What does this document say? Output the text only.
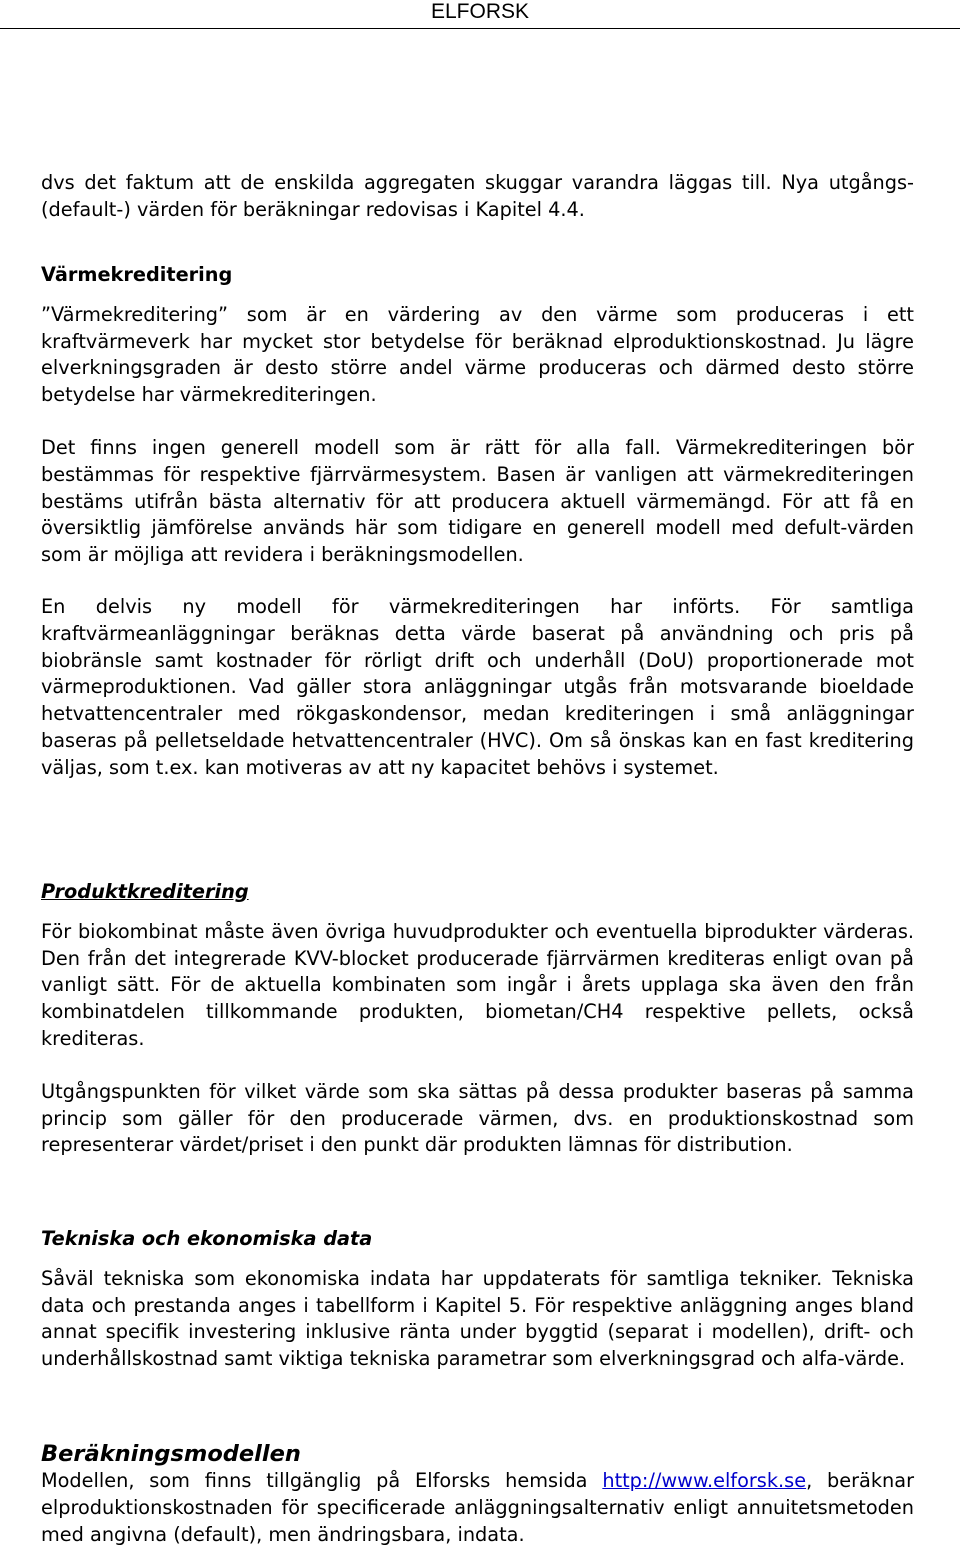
ELFORSK

dvs det faktum att de enskilda aggregaten skuggar varandra läggas till. Nya utgångs- (default-) värden för beräkningar redovisas i Kapitel 4.4.

Värmekreditering

”Värmekreditering” som är en värdering av den värme som produceras i ett kraftvärmeverk har mycket stor betydelse för beräknad elproduktionskostnad. Ju lägre elverkningsgraden är desto större andel värme produceras och därmed desto större betydelse har värmekrediteringen.

Det finns ingen generell modell som är rätt för alla fall. Värmekrediteringen bör bestämmas för respektive fjärrvärmesystem. Basen är vanligen att värmekrediteringen bestäms utifrån bästa alternativ för att producera aktuell värmemängd. För att få en översiktlig jämförelse används här som tidigare en generell modell med defult-värden som är möjliga att revidera i beräkningsmodellen.

En delvis ny modell för värmekrediteringen har införts. För samtliga kraftvärmeanläggningar beräknas detta värde baserat på användning och pris på biobränsle samt kostnader för rörligt drift och underhåll (DoU) proportionerade mot värmeproduktionen. Vad gäller stora anläggningar utgås från motsvarande bioeldade hetvattencentraler med rökgaskondensor, medan krediteringen i små anläggningar baseras på pelletseldade hetvattencentraler (HVC). Om så önskas kan en fast kreditering väljas, som t.ex. kan motiveras av att ny kapacitet behövs i systemet.

Produktkreditering

För biokombinat måste även övriga huvudprodukter och eventuella biprodukter värderas. Den från det integrerade KVV-blocket producerade fjärrvärmen krediteras enligt ovan på vanligt sätt. För de aktuella kombinaten som ingår i årets upplaga ska även den från kombinatdelen tillkommande produkten, biometan/CH4 respektive pellets, också krediteras.

Utgångspunkten för vilket värde som ska sättas på dessa produkter baseras på samma princip som gäller för den producerade värmen, dvs. en produktionskostnad som representerar värdet/priset i den punkt där produkten lämnas för distribution.

Tekniska och ekonomiska data

Såväl tekniska som ekonomiska indata har uppdaterats för samtliga tekniker. Tekniska data och prestanda anges i tabellform i Kapitel 5. För respektive anläggning anges bland annat specifik investering inklusive ränta under byggtid (separat i modellen), drift- och underhållskostnad samt viktiga tekniska parametrar som elverkningsgrad och alfa-värde.

Beräkningsmodellen

Modellen, som finns tillgänglig på Elforsks hemsida http://www.elforsk.se, beräknar elproduktionskostnaden för specificerade anläggningsalternativ enligt annuitetsmetoden med angivna (default), men ändringsbara, indata.
